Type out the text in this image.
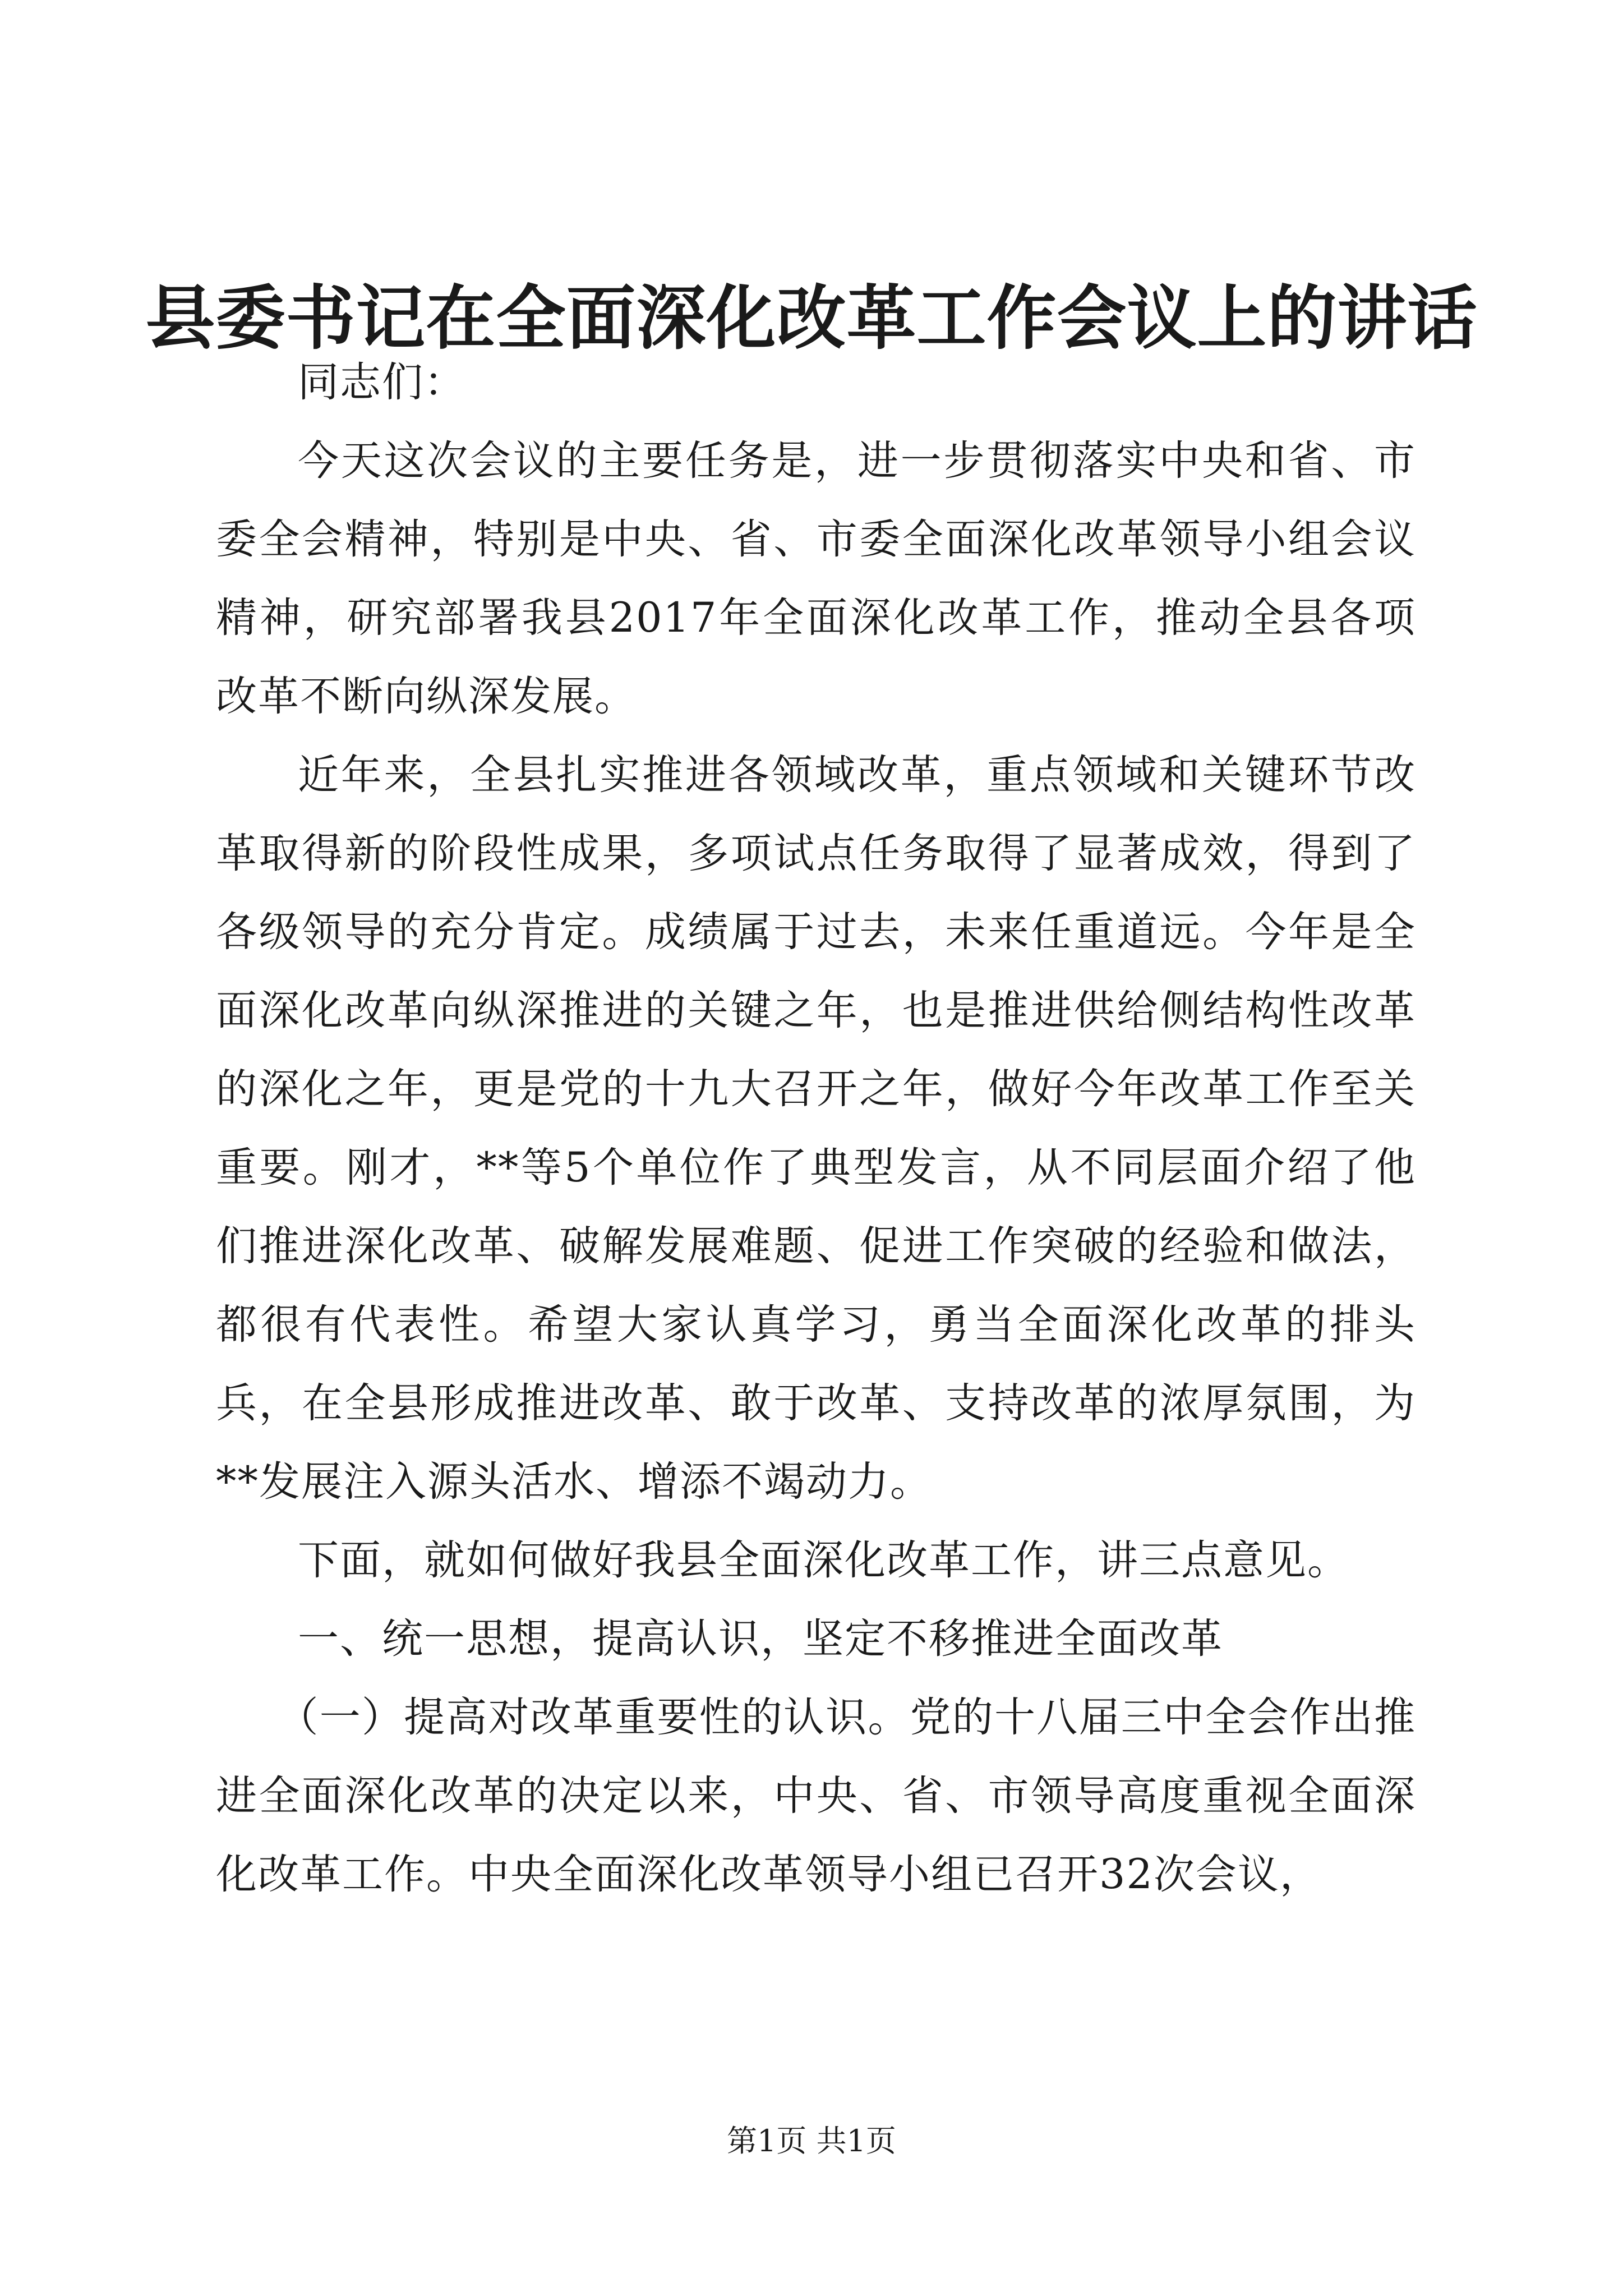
县委书记在全面深化改革工作会议上的讲话

同志们：

今天这次会议的主要任务是，进一步贯彻落实中央和省、市委全会精神，特别是中央、省、市委全面深化改革领导小组会议精神，研究部署我县2017年全面深化改革工作，推动全县各项改革不断向纵深发展。

近年来，全县扎实推进各领域改革，重点领域和关键环节改革取得新的阶段性成果，多项试点任务取得了显著成效，得到了各级领导的充分肯定。成绩属于过去，未来任重道远。今年是全面深化改革向纵深推进的关键之年，也是推进供给侧结构性改革的深化之年，更是党的十九大召开之年，做好今年改革工作至关重要。刚才，**等5个单位作了典型发言，从不同层面介绍了他们推进深化改革、破解发展难题、促进工作突破的经验和做法，都很有代表性。希望大家认真学习，勇当全面深化改革的排头兵，在全县形成推进改革、敢于改革、支持改革的浓厚氛围，为**发展注入源头活水、增添不竭动力。

下面，就如何做好我县全面深化改革工作，讲三点意见。

一、统一思想，提高认识，坚定不移推进全面改革

（一）提高对改革重要性的认识。党的十八届三中全会作出推进全面深化改革的决定以来，中央、省、市领导高度重视全面深化改革工作。中央全面深化改革领导小组已召开32次会议，

第1页 共1页
